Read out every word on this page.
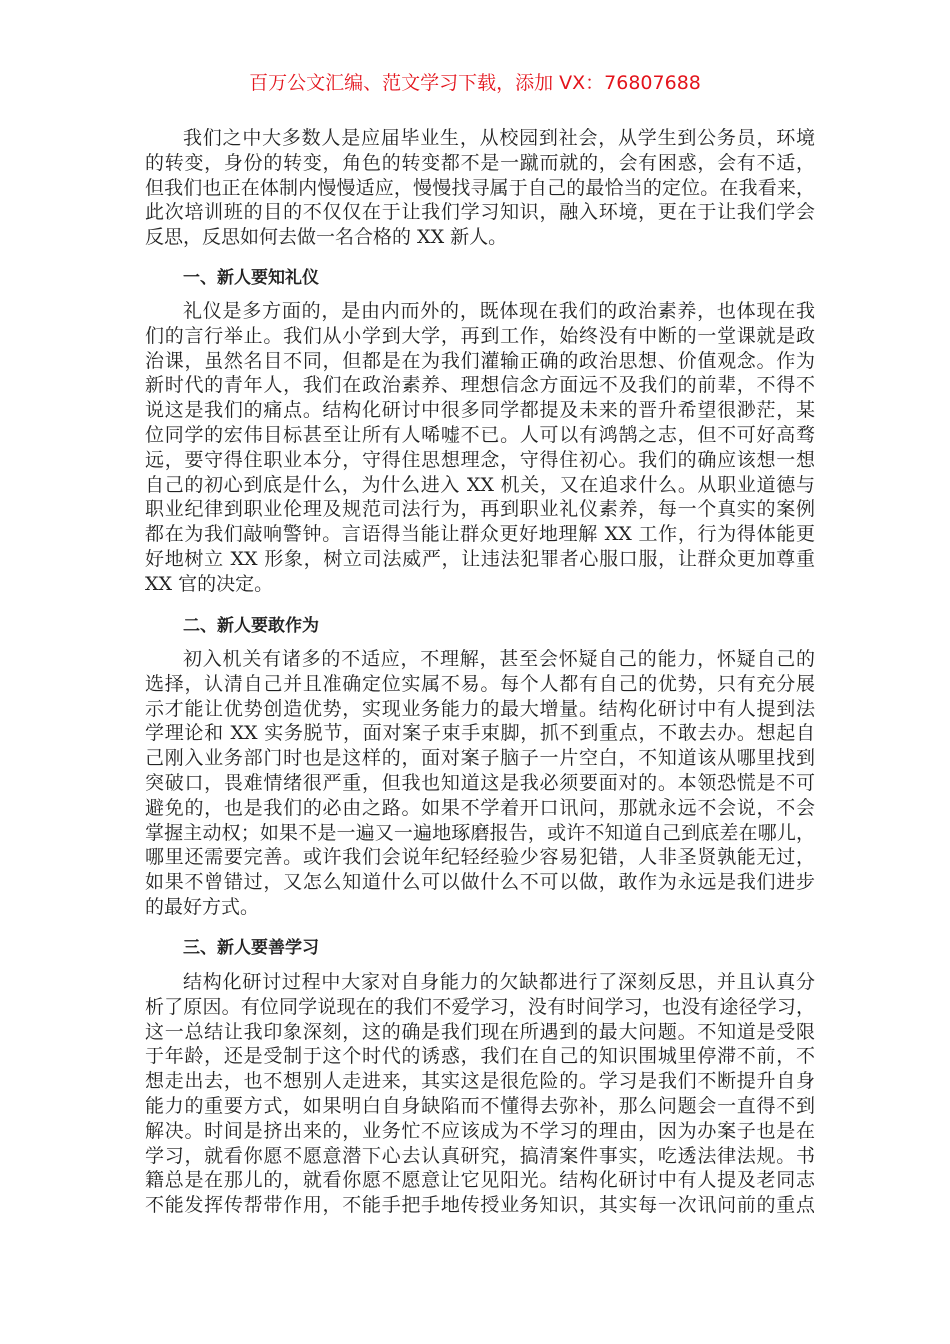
百万公文汇编、范文学习下载，添加 VX：76807688
我们之中大多数人是应届毕业生，从校园到社会，从学生到公务员，环境
的转变，身份的转变，角色的转变都不是一蹴而就的，会有困惑，会有不适，
但我们也正在体制内慢慢适应，慢慢找寻属于自己的最恰当的定位。在我看来，
此次培训班的目的不仅仅在于让我们学习知识，融入环境，更在于让我们学会
反思，反思如何去做一名合格的 XX 新人。
一、新人要知礼仪
礼仪是多方面的，是由内而外的，既体现在我们的政治素养，也体现在我
们的言行举止。我们从小学到大学，再到工作，始终没有中断的一堂课就是政
治课，虽然名目不同，但都是在为我们灌输正确的政治思想、价值观念。作为
新时代的青年人，我们在政治素养、理想信念方面远不及我们的前辈，不得不
说这是我们的痛点。结构化研讨中很多同学都提及未来的晋升希望很渺茫，某
位同学的宏伟目标甚至让所有人唏嘘不已。人可以有鸿鹄之志，但不可好高骛
远，要守得住职业本分，守得住思想理念，守得住初心。我们的确应该想一想
自己的初心到底是什么，为什么进入 XX 机关，又在追求什么。从职业道德与
职业纪律到职业伦理及规范司法行为，再到职业礼仪素养，每一个真实的案例
都在为我们敲响警钟。言语得当能让群众更好地理解 XX 工作，行为得体能更
好地树立 XX 形象，树立司法威严，让违法犯罪者心服口服，让群众更加尊重
XX 官的决定。
二、新人要敢作为
初入机关有诸多的不适应，不理解，甚至会怀疑自己的能力，怀疑自己的
选择，认清自己并且准确定位实属不易。每个人都有自己的优势，只有充分展
示才能让优势创造优势，实现业务能力的最大增量。结构化研讨中有人提到法
学理论和 XX 实务脱节，面对案子束手束脚，抓不到重点，不敢去办。想起自
己刚入业务部门时也是这样的，面对案子脑子一片空白，不知道该从哪里找到
突破口，畏难情绪很严重，但我也知道这是我必须要面对的。本领恐慌是不可
避免的，也是我们的必由之路。如果不学着开口讯问，那就永远不会说，不会
掌握主动权；如果不是一遍又一遍地琢磨报告，或许不知道自己到底差在哪儿，
哪里还需要完善。或许我们会说年纪轻经验少容易犯错，人非圣贤孰能无过，
如果不曾错过，又怎么知道什么可以做什么不可以做，敢作为永远是我们进步
的最好方式。
三、新人要善学习
结构化研讨过程中大家对自身能力的欠缺都进行了深刻反思，并且认真分
析了原因。有位同学说现在的我们不爱学习，没有时间学习，也没有途径学习，
这一总结让我印象深刻，这的确是我们现在所遇到的最大问题。不知道是受限
于年龄，还是受制于这个时代的诱惑，我们在自己的知识围城里停滞不前，不
想走出去，也不想别人走进来，其实这是很危险的。学习是我们不断提升自身
能力的重要方式，如果明白自身缺陷而不懂得去弥补，那么问题会一直得不到
解决。时间是挤出来的，业务忙不应该成为不学习的理由，因为办案子也是在
学习，就看你愿不愿意潜下心去认真研究，搞清案件事实，吃透法律法规。书
籍总是在那儿的，就看你愿不愿意让它见阳光。结构化研讨中有人提及老同志
不能发挥传帮带作用，不能手把手地传授业务知识，其实每一次讯问前的重点
